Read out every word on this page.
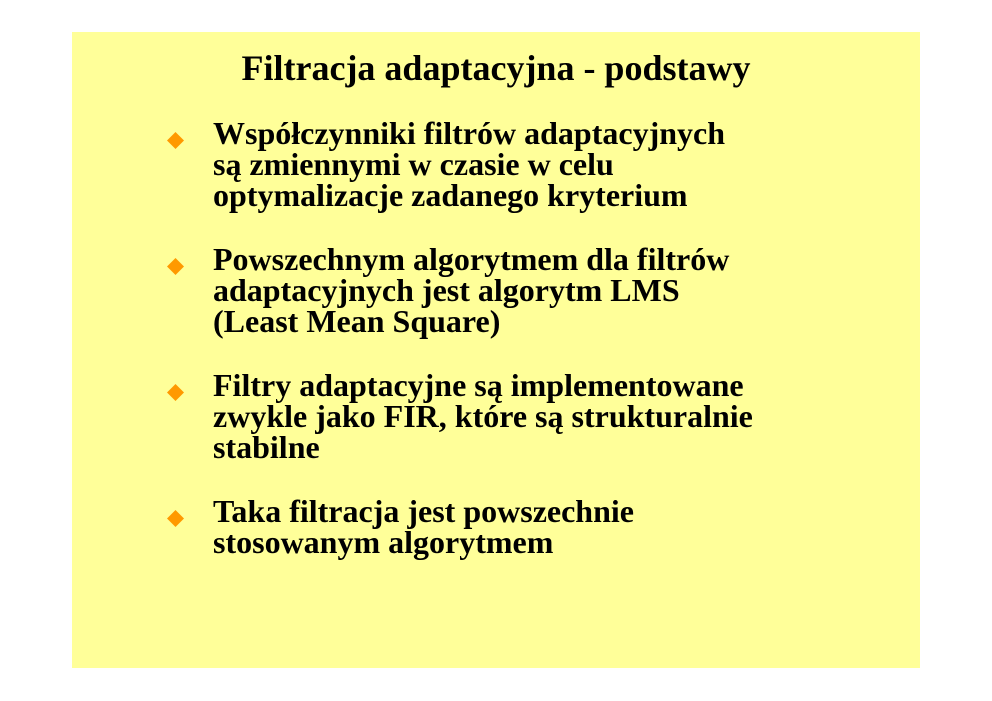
Filtracja adaptacyjna - podstawy
Współczynniki filtrów adaptacyjnych
są zmiennymi w czasie w celu
optymalizacje zadanego kryterium
Powszechnym algorytmem dla filtrów
adaptacyjnych jest algorytm LMS
(Least Mean Square)
Filtry adaptacyjne są implementowane
zwykle jako FIR, które są strukturalnie
stabilne
Taka filtracja jest powszechnie
stosowanym algorytmem
